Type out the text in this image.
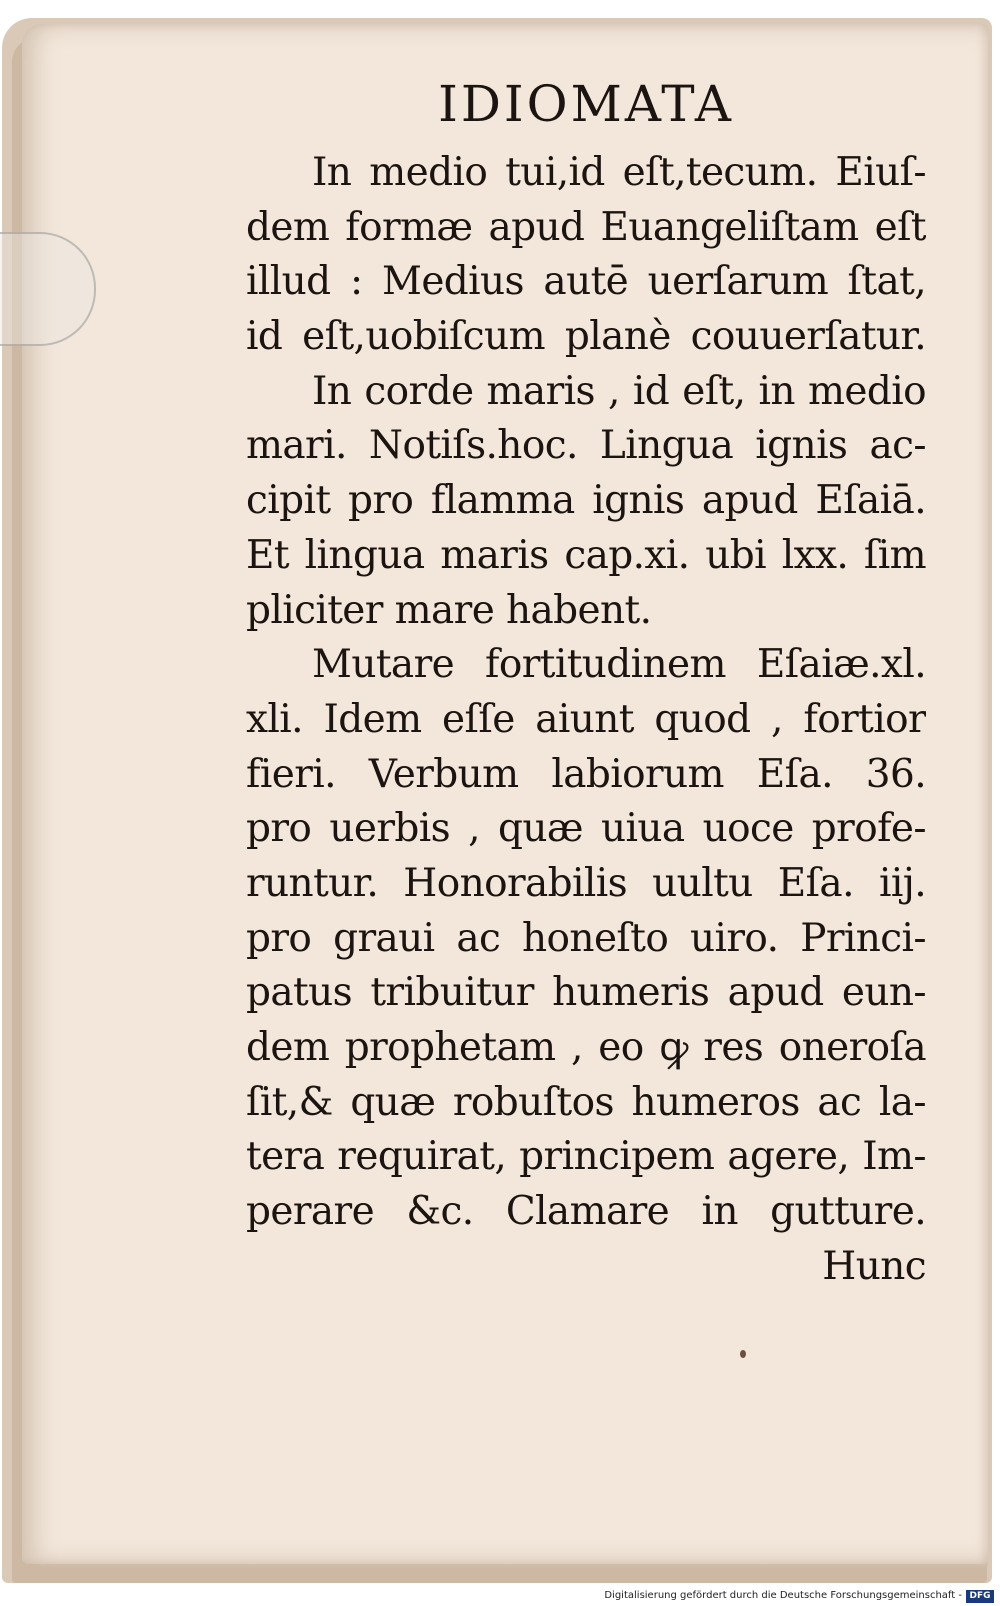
IDIOMATA
In medio tui,id eſt,tecum. Eiuſ-
dem formæ apud Euangeliſtam eſt
illud : Medius autē uerſarum ſtat,
id eſt,uobiſcum planè couuerſatur.
In corde maris , id eſt, in medio
mari. Notiſs.hoc. Lingua ignis ac-
cipit pro flamma ignis apud Eſaiā.
Et lingua maris cap.xi. ubi lxx. ſim
pliciter mare habent.
Mutare fortitudinem Eſaiæ.xl.
xli. Idem eſſe aiunt quod , fortior
fieri. Verbum labiorum Eſa. 36.
pro uerbis , quæ uiua uoce profe-
runtur. Honorabilis uultu Eſa. iij.
pro graui ac honeſto uiro. Princi-
patus tribuitur humeris apud eun-
dem prophetam , eo ꝙ res oneroſa
ſit,& quæ robuſtos humeros ac la-
tera requirat, principem agere, Im-
perare &c. Clamare in gutture.
Hunc
Digitalisierung gefördert durch die Deutsche Forschungsgemeinschaft - DFG
